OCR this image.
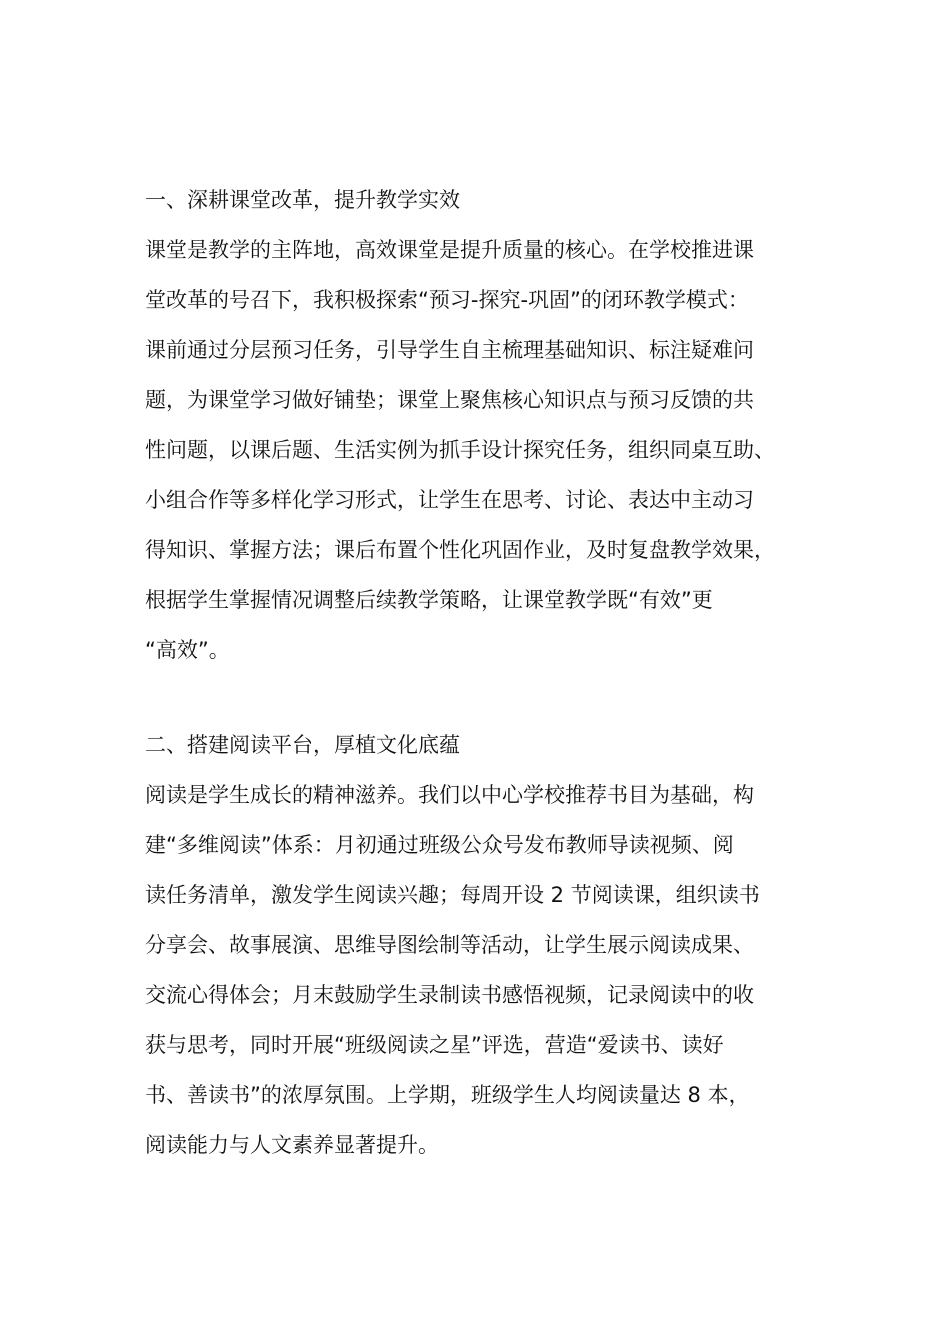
一、深耕课堂改革，提升教学实效
课堂是教学的主阵地，高效课堂是提升质量的核心。在学校推进课
堂改革的号召下，我积极探索“预习-探究-巩固”的闭环教学模式：
课前通过分层预习任务，引导学生自主梳理基础知识、标注疑难问
题，为课堂学习做好铺垫；课堂上聚焦核心知识点与预习反馈的共
性问题，以课后题、生活实例为抓手设计探究任务，组织同桌互助、
小组合作等多样化学习形式，让学生在思考、讨论、表达中主动习
得知识、掌握方法；课后布置个性化巩固作业，及时复盘教学效果，
根据学生掌握情况调整后续教学策略，让课堂教学既“有效”更
“高效”。
二、搭建阅读平台，厚植文化底蕴
阅读是学生成长的精神滋养。我们以中心学校推荐书目为基础，构
建“多维阅读”体系：月初通过班级公众号发布教师导读视频、阅
读任务清单，激发学生阅读兴趣；每周开设 2 节阅读课，组织读书
分享会、故事展演、思维导图绘制等活动，让学生展示阅读成果、
交流心得体会；月末鼓励学生录制读书感悟视频，记录阅读中的收
获与思考，同时开展“班级阅读之星”评选，营造“爱读书、读好
书、善读书”的浓厚氛围。上学期，班级学生人均阅读量达 8 本，
阅读能力与人文素养显著提升。
